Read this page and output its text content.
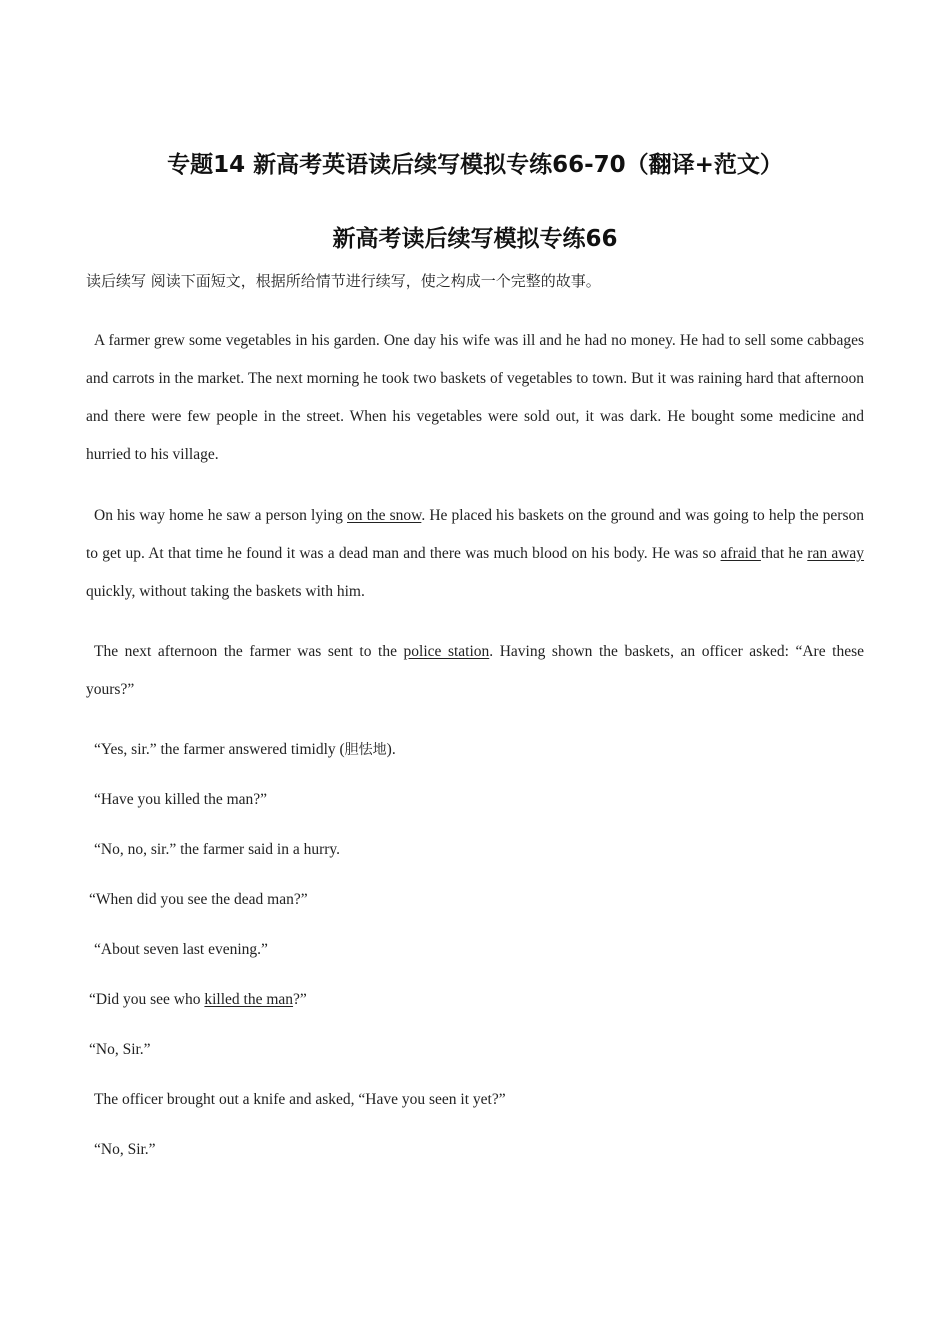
专题14 新高考英语读后续写模拟专练66-70（翻译+范文）
新高考读后续写模拟专练66

读后续写 阅读下面短文，根据所给情节进行续写，使之构成一个完整的故事。

A farmer grew some vegetables in his garden. One day his wife was ill and he had no money. He had to sell some cabbages and carrots in the market. The next morning he took two baskets of vegetables to town. But it was raining hard that afternoon and there were few people in the street. When his vegetables were sold out, it was dark. He bought some medicine and hurried to his village.

On his way home he saw a person lying on the snow. He placed his baskets on the ground and was going to help the person to get up. At that time he found it was a dead man and there was much blood on his body. He was so afraid that he ran away quickly, without taking the baskets with him.

The next afternoon the farmer was sent to the police station. Having shown the baskets, an officer asked: “Are these yours?”

“Yes, sir.” the farmer answered timidly (胆怯地).

“Have you killed the man?”

“No, no, sir.” the farmer said in a hurry.

“When did you see the dead man?”

“About seven last evening.”

“Did you see who killed the man?”

“No, Sir.”

The officer brought out a knife and asked, “Have you seen it yet?”

“No, Sir.”
